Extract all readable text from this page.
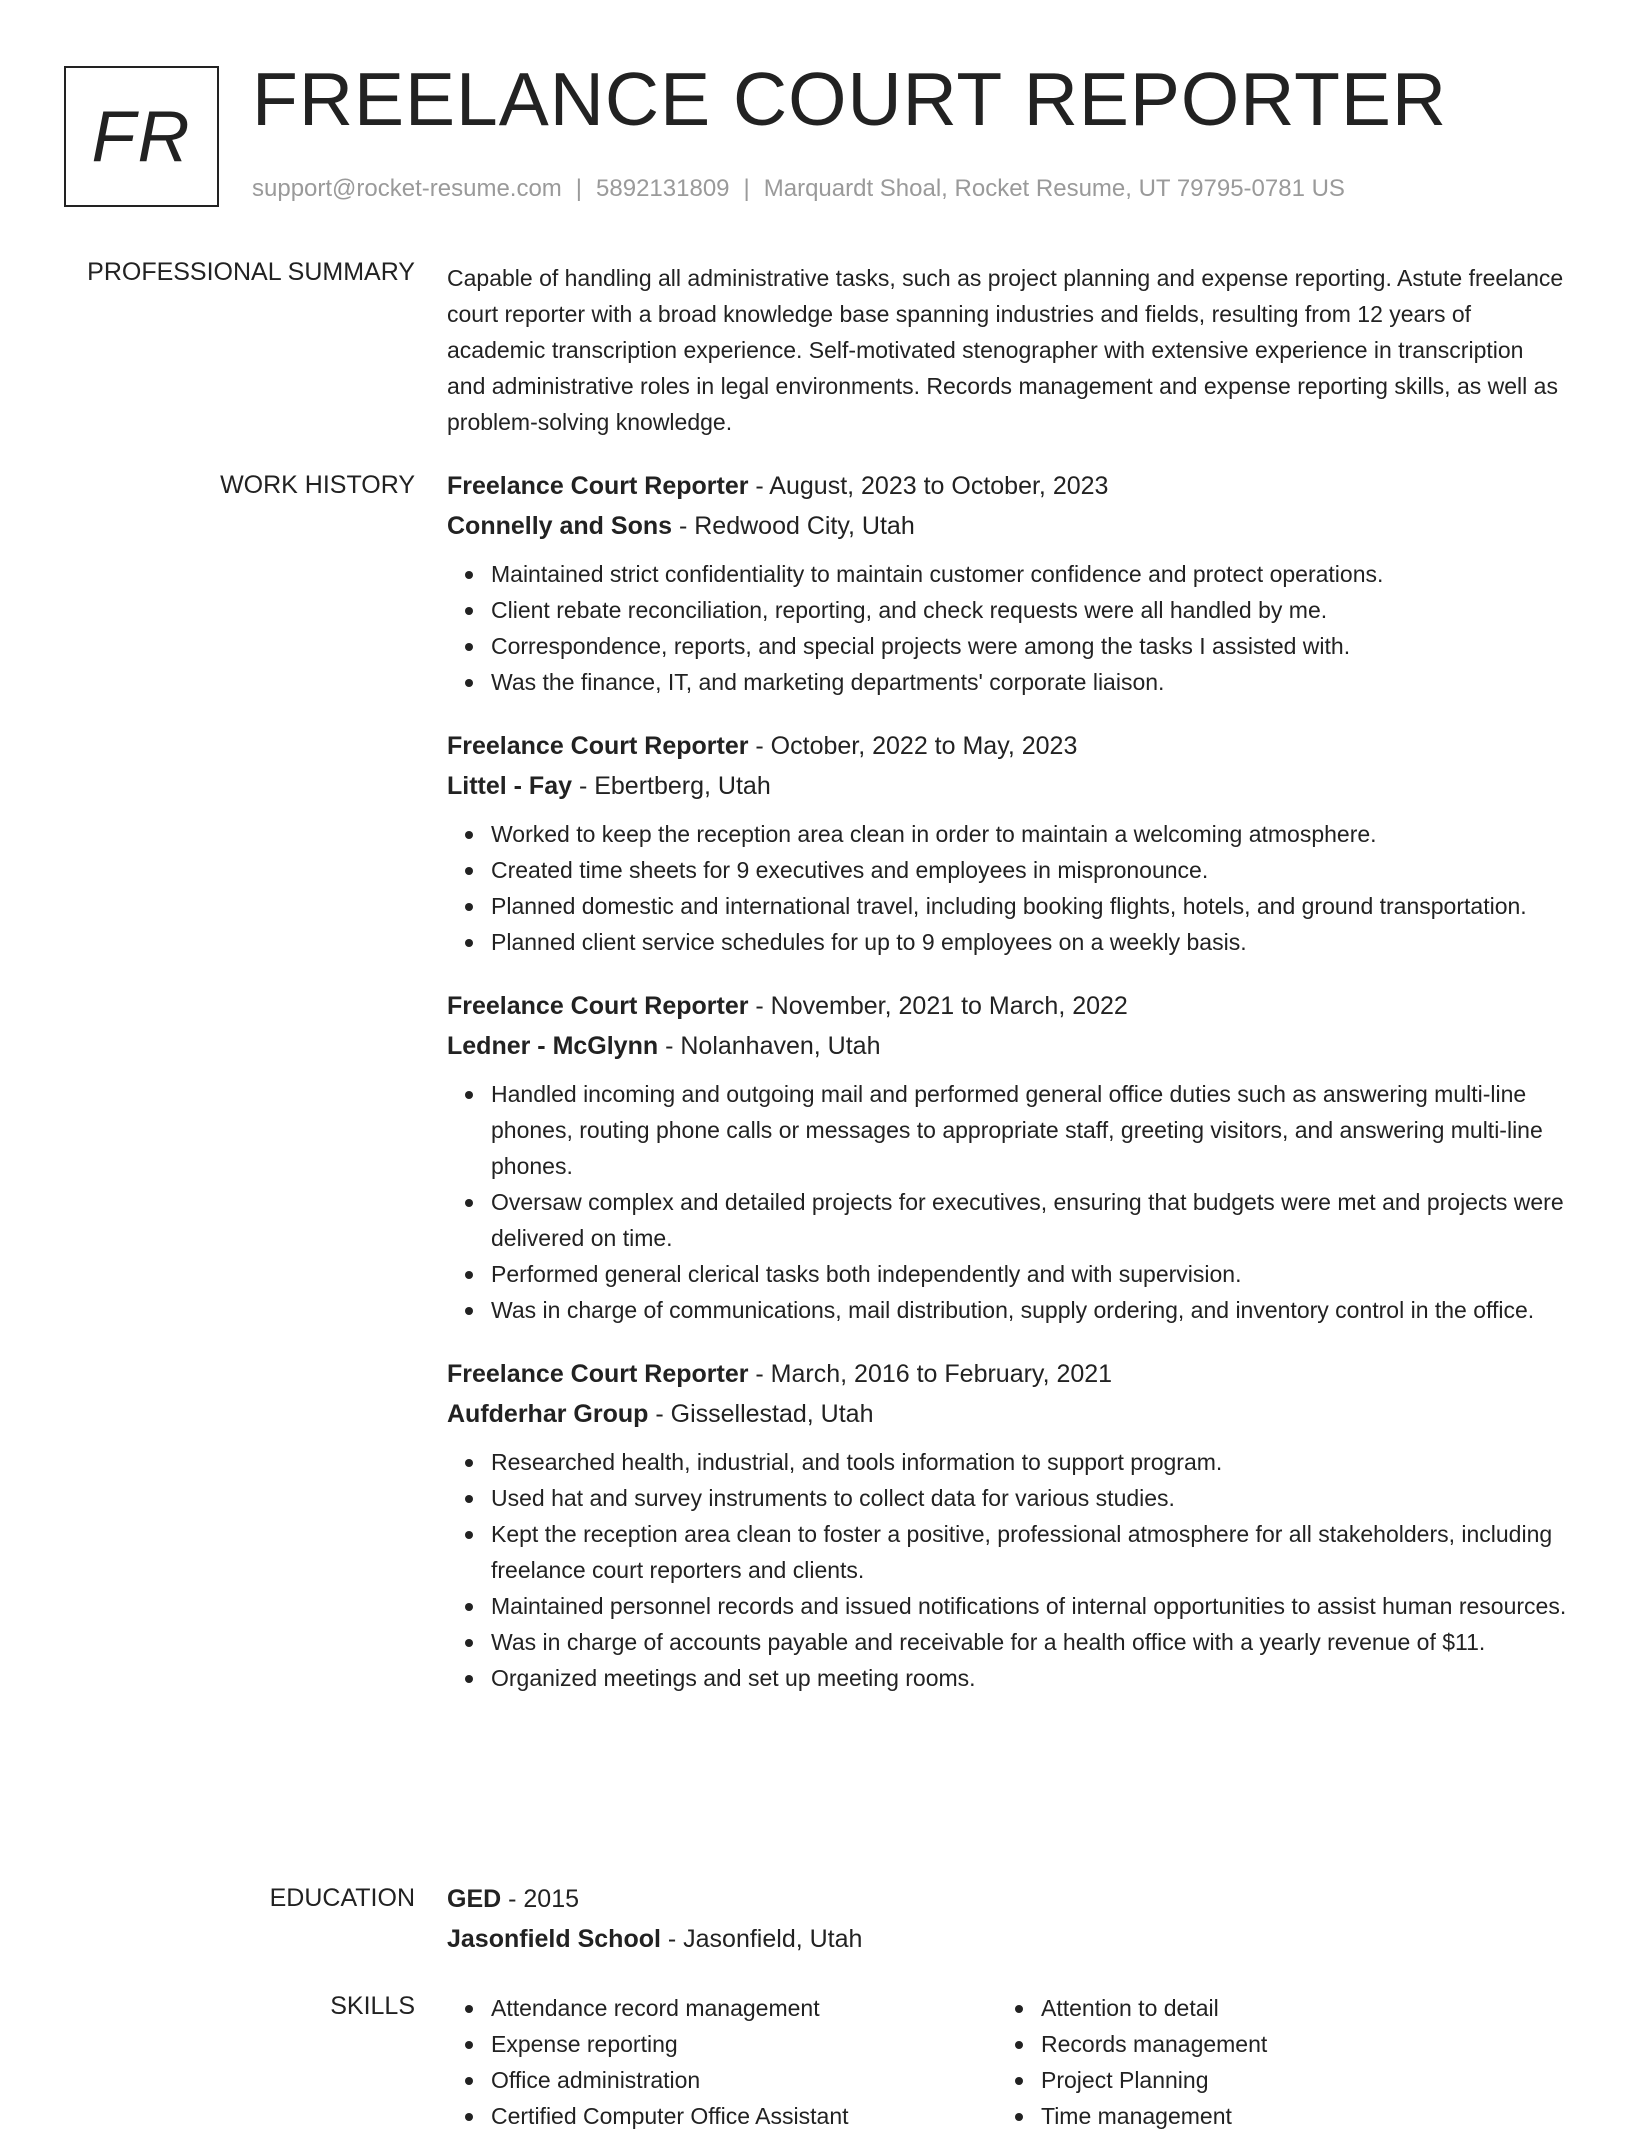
FR FREELANCE COURT REPORTER
support@rocket-resume.com | 5892131809 | Marquardt Shoal, Rocket Resume, UT 79795-0781 US
PROFESSIONAL SUMMARY Capable of handling all administrative tasks, such as project planning and expense reporting. Astute freelance court reporter with a broad knowledge base spanning industries and fields, resulting from 12 years of academic transcription experience. Self-motivated stenographer with extensive experience in transcription and administrative roles in legal environments. Records management and expense reporting skills, as well as problem-solving knowledge.

WORK HISTORY Freelance Court Reporter - August, 2023 to October, 2023
Connelly and Sons - Redwood City, Utah
Maintained strict confidentiality to maintain customer confidence and protect operations.
Client rebate reconciliation, reporting, and check requests were all handled by me.
Correspondence, reports, and special projects were among the tasks I assisted with.
Was the finance, IT, and marketing departments' corporate liaison.
Freelance Court Reporter - October, 2022 to May, 2023
Littel - Fay - Ebertberg, Utah
Worked to keep the reception area clean in order to maintain a welcoming atmosphere.
Created time sheets for 9 executives and employees in mispronounce.
Planned domestic and international travel, including booking flights, hotels, and ground transportation.
Planned client service schedules for up to 9 employees on a weekly basis.
Freelance Court Reporter - November, 2021 to March, 2022
Ledner - McGlynn - Nolanhaven, Utah
Handled incoming and outgoing mail and performed general office duties such as answering multi-line phones, routing phone calls or messages to appropriate staff, greeting visitors, and answering multi-line phones.
Oversaw complex and detailed projects for executives, ensuring that budgets were met and projects were delivered on time.
Performed general clerical tasks both independently and with supervision.
Was in charge of communications, mail distribution, supply ordering, and inventory control in the office.
Freelance Court Reporter - March, 2016 to February, 2021
Aufderhar Group - Gissellestad, Utah
Researched health, industrial, and tools information to support program.
Used hat and survey instruments to collect data for various studies.
Kept the reception area clean to foster a positive, professional atmosphere for all stakeholders, including freelance court reporters and clients.
Maintained personnel records and issued notifications of internal opportunities to assist human resources.
Was in charge of accounts payable and receivable for a health office with a yearly revenue of $11.
Organized meetings and set up meeting rooms.
EDUCATION GED - 2015
Jasonfield School - Jasonfield, Utah
SKILLS	Attendance record management
Expense reporting
Office administration
Certified Computer Office Assistant
Attention to detail
Records management
Project Planning
Time management
